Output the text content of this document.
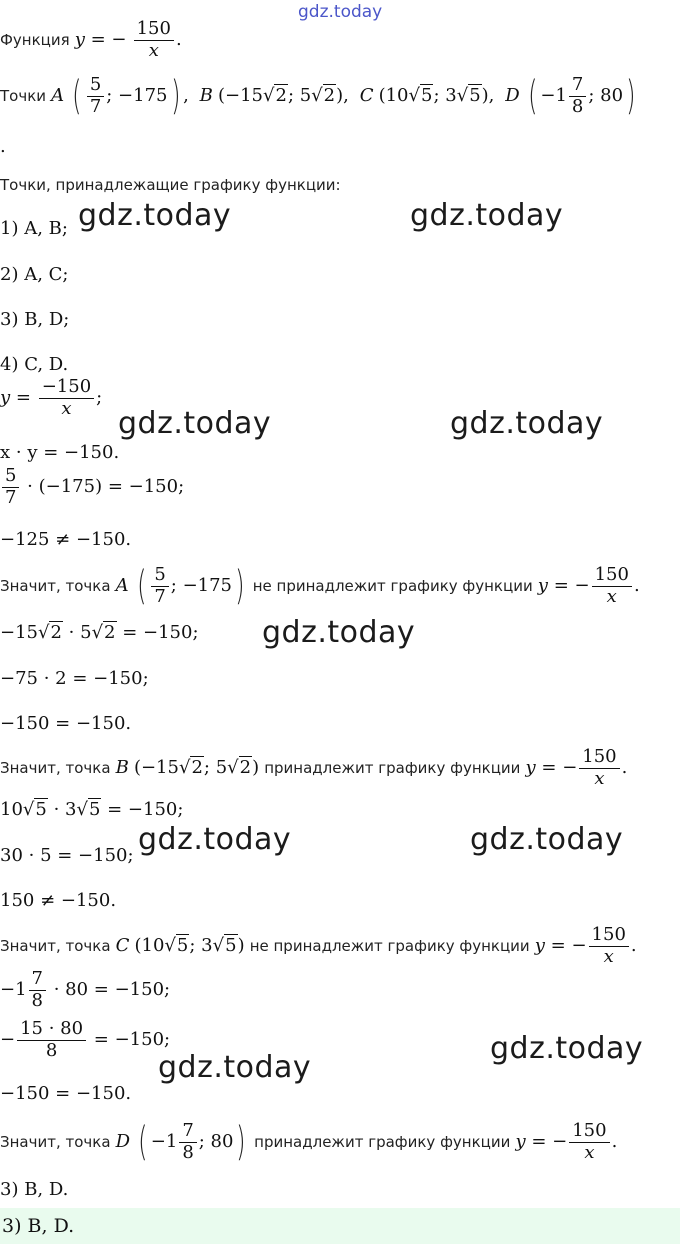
gdz.today
Функция y = − $\frac{150}{x}$ .
Точки A ( $\frac{5}{7}$ ; −175) ,  B (−15√2; 5√2),  C (10√5; 3√5),  D ( $-1 \frac{7}{8}$ ; 80)
.
Точки, принадлежащие графику функции:
1) A, B;
2) A, C;
3) B, D;
4) C, D.
$y = \frac{-150}{x}$ ;
x · y = −150.
$\frac{5}{7} \cdot (-175) = -150$;
−125 ≠ −150.
Значит, точка A ( $\frac{5}{7}$ ; −175) не принадлежит графику функции y = − $\frac{150}{x}$ .
−15√2 · 5√2 = −150;
−75 · 2 = −150;
−150 = −150.
Значит, точка B (−15√2; 5√2) принадлежит графику функции y = − $\frac{150}{x}$ .
10√5 · 3√5 = −150;
30 · 5 = −150;
150 ≠ −150.
Значит, точка C (10√5; 3√5) не принадлежит графику функции y = − $\frac{150}{x}$ .
$-1 \frac{7}{8} \cdot 80 = -150$;
− $\frac{15 \cdot 80}{8} = -150$;
−150 = −150.
Значит, точка D ( $-1 \frac{7}{8}$ ; 80) принадлежит графику функции y = − $\frac{150}{x}$ .
3) B, D.
3) B, D.
gdz.today	gdz.today
gdz.today	gdz.today
gdz.today
gdz.today	gdz.today
gdz.today
gdz.today
